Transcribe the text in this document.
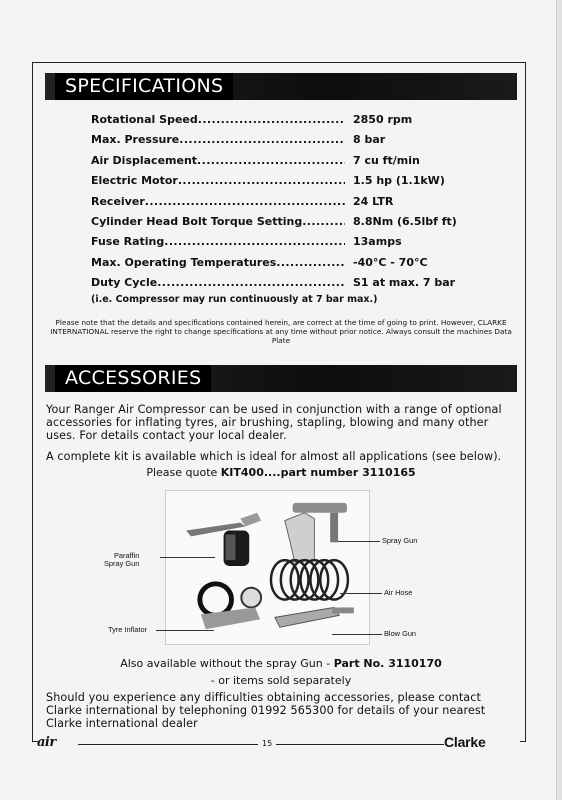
SPECIFICATIONS
Rotational Speed .....	2850 rpm
Max. Pressure .....	8 bar
Air Displacement .....	7 cu ft/min
Electric Motor .....	1.5 hp (1.1kW)
Receiver .....	24 LTR
Cylinder Head Bolt Torque Setting .....	8.8Nm (6.5lbf ft)
Fuse Rating .....	13amps
Max. Operating Temperatures .....	-40°C - 70°C
Duty Cycle .....	S1 at max. 7 bar
(i.e. Compressor may run continuously at 7 bar max.)
Please note that the details and specifications contained herein, are correct at the time of going to print. However, CLARKE INTERNATIONAL reserve the right to change specifications at any time without prior notice. Always consult the machines Data Plate
ACCESSORIES
Your Ranger Air Compressor can be used in conjunction with a range of optional accessories for inflating tyres, air brushing, stapling, blowing and many other uses. For details contact your local dealer.
A complete kit is available which is ideal for almost all applications (see below).
Please quote KIT400....part number 3110165
Paraffin
Spray Gun
Spray Gun
Air Hose
Tyre Inflator	Blow Gun
Also available without the spray Gun - Part No. 3110170
- or items sold separately
Should you experience any difficulties obtaining accessories, please contact Clarke international by telephoning 01992 565300 for details of your nearest Clarke international dealer
air	15	Clarke
